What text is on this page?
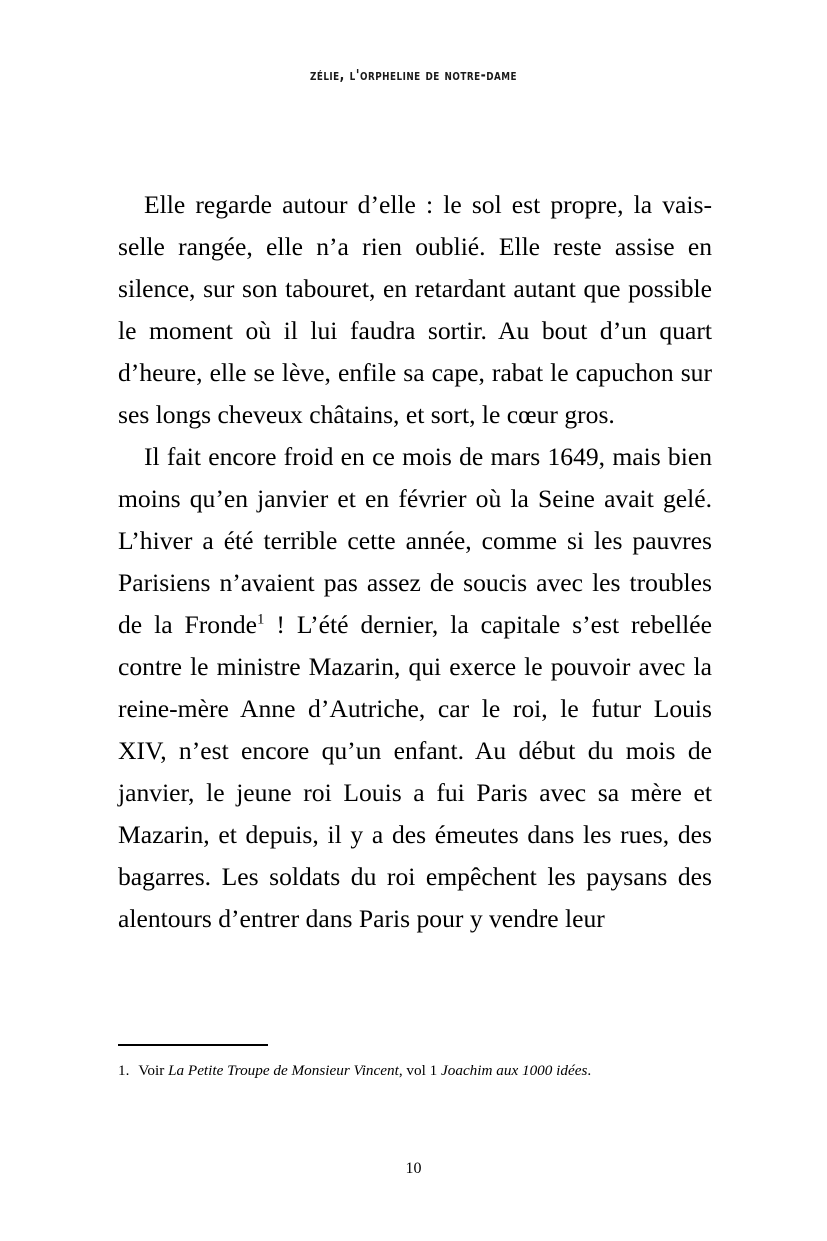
zélie, l'orpheline de notre-dame

Elle regarde autour d’elle : le sol est propre, la vaisselle rangée, elle n’a rien oublié. Elle reste assise en silence, sur son tabouret, en retardant autant que possible le moment où il lui faudra sortir. Au bout d’un quart d’heure, elle se lève, enfile sa cape, rabat le capuchon sur ses longs cheveux châtains, et sort, le cœur gros.

Il fait encore froid en ce mois de mars 1649, mais bien moins qu’en janvier et en février où la Seine avait gelé. L’hiver a été terrible cette année, comme si les pauvres Parisiens n’avaient pas assez de soucis avec les troubles de la Fronde$^1$ ! L’été dernier, la capitale s’est rebellée contre le ministre Mazarin, qui exerce le pouvoir avec la reine-mère Anne d’Autriche, car le roi, le futur Louis XIV, n’est encore qu’un enfant. Au début du mois de janvier, le jeune roi Louis a fui Paris avec sa mère et Mazarin, et depuis, il y a des émeutes dans les rues, des bagarres. Les soldats du roi empêchent les paysans des alentours d’entrer dans Paris pour y vendre leur

1. Voir La Petite Troupe de Monsieur Vincent, vol 1 Joachim aux 1000 idées.
10
